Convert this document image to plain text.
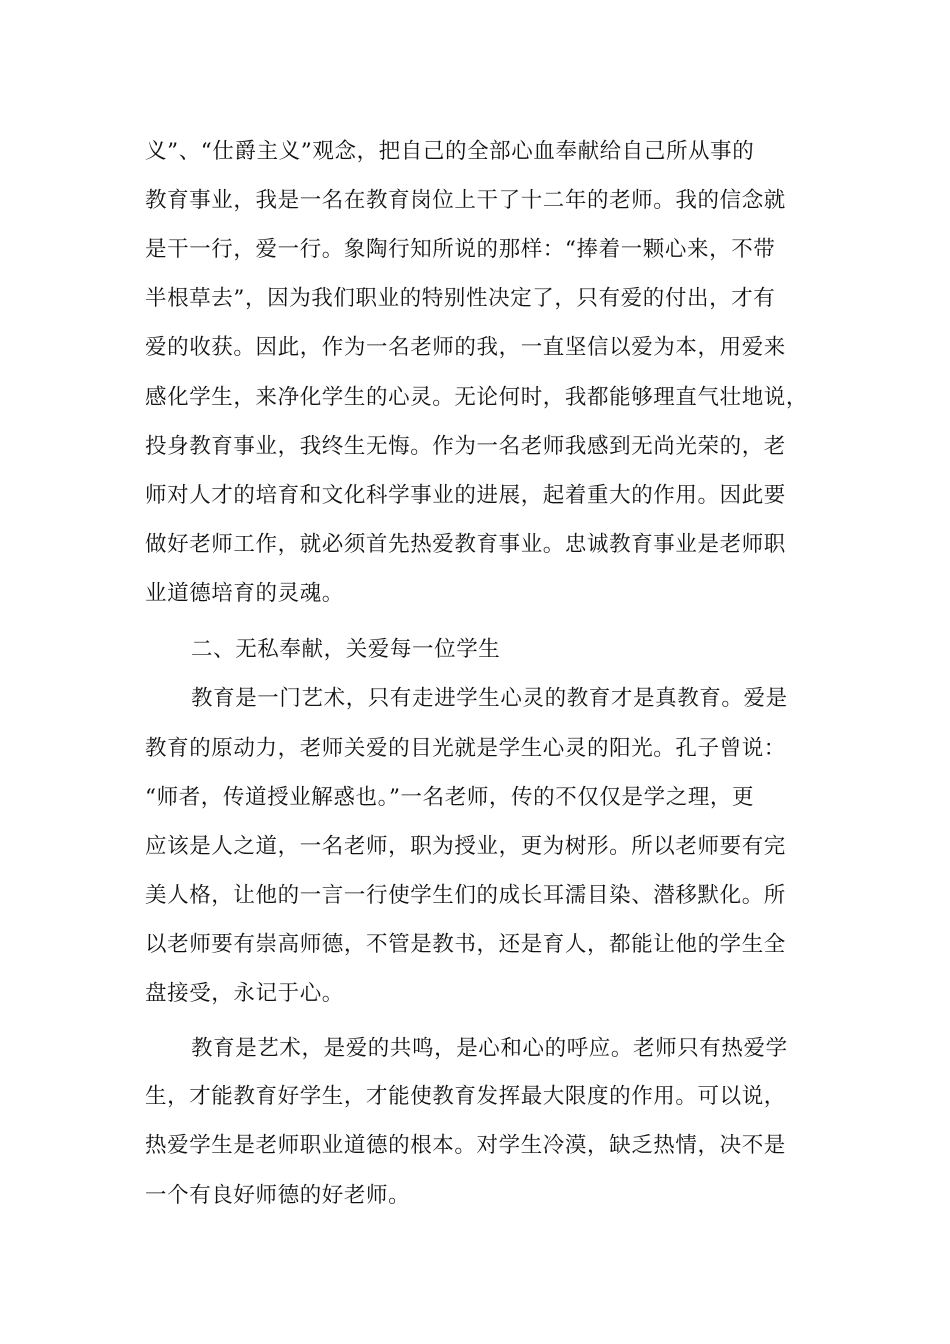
义”、“仕爵主义”观念，把自己的全部心血奉献给自己所从事的
教育事业，我是一名在教育岗位上干了十二年的老师。我的信念就
是干一行，爱一行。象陶行知所说的那样：“捧着一颗心来，不带
半根草去”，因为我们职业的特别性决定了，只有爱的付出，才有
爱的收获。因此，作为一名老师的我，一直坚信以爱为本，用爱来
感化学生，来净化学生的心灵。无论何时，我都能够理直气壮地说，
投身教育事业，我终生无悔。作为一名老师我感到无尚光荣的，老
师对人才的培育和文化科学事业的进展，起着重大的作用。因此要
做好老师工作，就必须首先热爱教育事业。忠诚教育事业是老师职
业道德培育的灵魂。
二、无私奉献，关爱每一位学生
教育是一门艺术，只有走进学生心灵的教育才是真教育。爱是
教育的原动力，老师关爱的目光就是学生心灵的阳光。孔子曾说：
“师者，传道授业解惑也。”一名老师，传的不仅仅是学之理，更
应该是人之道，一名老师，职为授业，更为树形。所以老师要有完
美人格，让他的一言一行使学生们的成长耳濡目染、潜移默化。所
以老师要有崇高师德，不管是教书，还是育人，都能让他的学生全
盘接受，永记于心。
教育是艺术，是爱的共鸣，是心和心的呼应。老师只有热爱学
生，才能教育好学生，才能使教育发挥最大限度的作用。可以说，
热爱学生是老师职业道德的根本。对学生冷漠，缺乏热情，决不是
一个有良好师德的好老师。
